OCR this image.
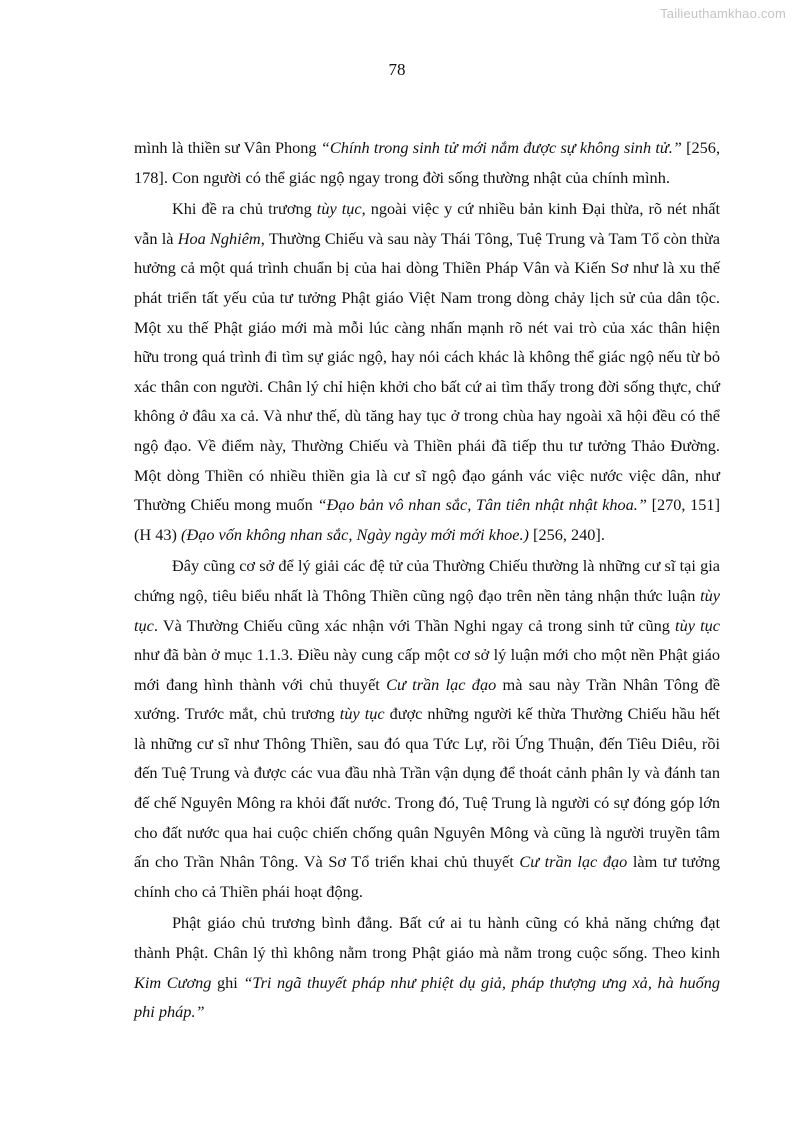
Tailieuthamkhao.com
78

mình là thiền sư Vân Phong “Chính trong sinh tử mới nắm được sự không sinh tử.” [256, 178]. Con người có thể giác ngộ ngay trong đời sống thường nhật của chính mình.

Khi đề ra chủ trương tùy tục, ngoài việc y cứ nhiều bản kinh Đại thừa, rõ nét nhất vẫn là Hoa Nghiêm, Thường Chiếu và sau này Thái Tông, Tuệ Trung và Tam Tổ còn thừa hưởng cả một quá trình chuẩn bị của hai dòng Thiền Pháp Vân và Kiến Sơ như là xu thế phát triển tất yếu của tư tưởng Phật giáo Việt Nam trong dòng chảy lịch sử của dân tộc. Một xu thế Phật giáo mới mà mỗi lúc càng nhấn mạnh rõ nét vai trò của xác thân hiện hữu trong quá trình đi tìm sự giác ngộ, hay nói cách khác là không thể giác ngộ nếu từ bỏ xác thân con người. Chân lý chỉ hiện khởi cho bất cứ ai tìm thấy trong đời sống thực, chứ không ở đâu xa cả. Và như thế, dù tăng hay tục ở trong chùa hay ngoài xã hội đều có thể ngộ đạo. Về điểm này, Thường Chiếu và Thiền phái đã tiếp thu tư tưởng Thảo Đường. Một dòng Thiền có nhiều thiền gia là cư sĩ ngộ đạo gánh vác việc nước việc dân, như Thường Chiếu mong muốn “Đạo bản vô nhan sắc, Tân tiên nhật nhật khoa.” [270, 151] (H 43) (Đạo vốn không nhan sắc, Ngày ngày mới mới khoe.) [256, 240].

Đây cũng cơ sở để lý giải các đệ tử của Thường Chiếu thường là những cư sĩ tại gia chứng ngộ, tiêu biểu nhất là Thông Thiền cũng ngộ đạo trên nền tảng nhận thức luận tùy tục. Và Thường Chiếu cũng xác nhận với Thần Nghi ngay cả trong sinh tử cũng tùy tục như đã bàn ở mục 1.1.3. Điều này cung cấp một cơ sở lý luận mới cho một nền Phật giáo mới đang hình thành với chủ thuyết Cư trần lạc đạo mà sau này Trần Nhân Tông đề xướng. Trước mắt, chủ trương tùy tục được những người kế thừa Thường Chiếu hầu hết là những cư sĩ như Thông Thiền, sau đó qua Tức Lự, rồi Ứng Thuận, đến Tiêu Diêu, rồi đến Tuệ Trung và được các vua đầu nhà Trần vận dụng để thoát cảnh phân ly và đánh tan đế chế Nguyên Mông ra khỏi đất nước. Trong đó, Tuệ Trung là người có sự đóng góp lớn cho đất nước qua hai cuộc chiến chống quân Nguyên Mông và cũng là người truyền tâm ấn cho Trần Nhân Tông. Và Sơ Tổ triển khai chủ thuyết Cư trần lạc đạo làm tư tưởng chính cho cả Thiền phái hoạt động.

Phật giáo chủ trương bình đẳng. Bất cứ ai tu hành cũng có khả năng chứng đạt thành Phật. Chân lý thì không nằm trong Phật giáo mà nằm trong cuộc sống. Theo kinh Kim Cương ghi “Tri ngã thuyết pháp như phiệt dụ giả, pháp thượng ưng xả, hà huống phi pháp.”
